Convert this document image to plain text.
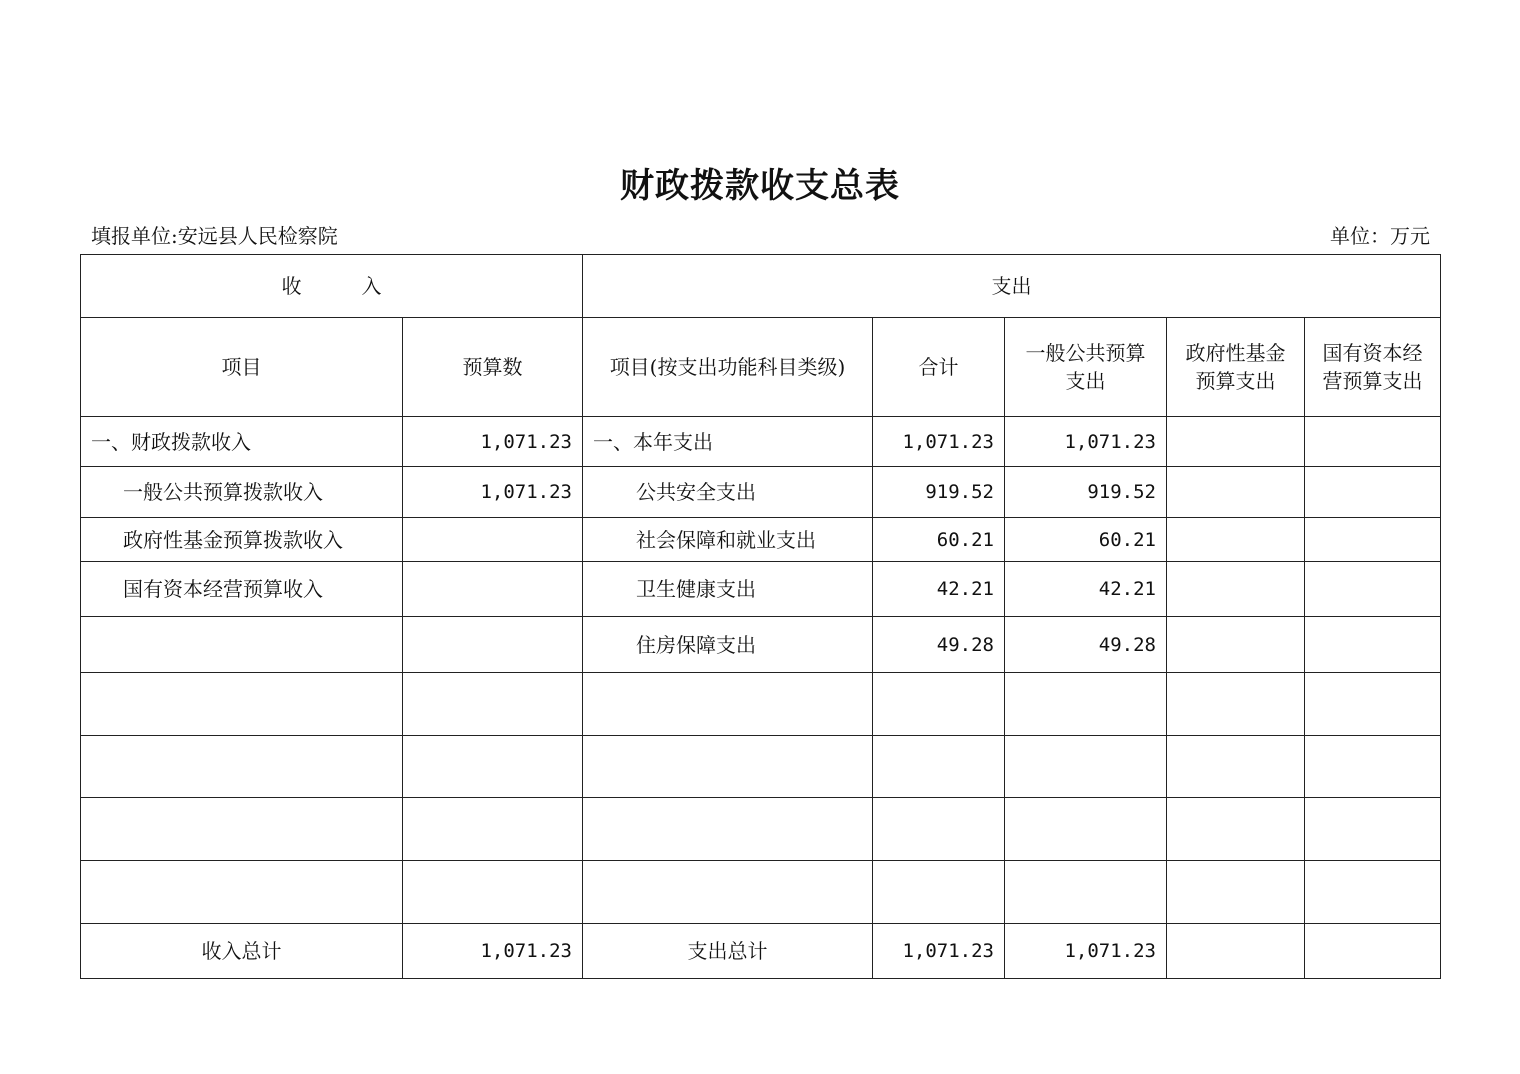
财政拨款收支总表
填报单位:安远县人民检察院	单位：万元
收　　　入		支出				
项目	预算数	项目(按支出功能科目类级)	合计	一般公共预算支出	政府性基金预算支出	国有资本经营预算支出
一、财政拨款收入	1,071.23	一、本年支出	1,071.23	1,071.23		
一般公共预算拨款收入	1,071.23	公共安全支出	919.52	919.52		
政府性基金预算拨款收入		社会保障和就业支出	60.21	60.21		
国有资本经营预算收入		卫生健康支出	42.21	42.21		
		住房保障支出	49.28	49.28		

收入总计	1,071.23	支出总计	1,071.23	1,071.23		
